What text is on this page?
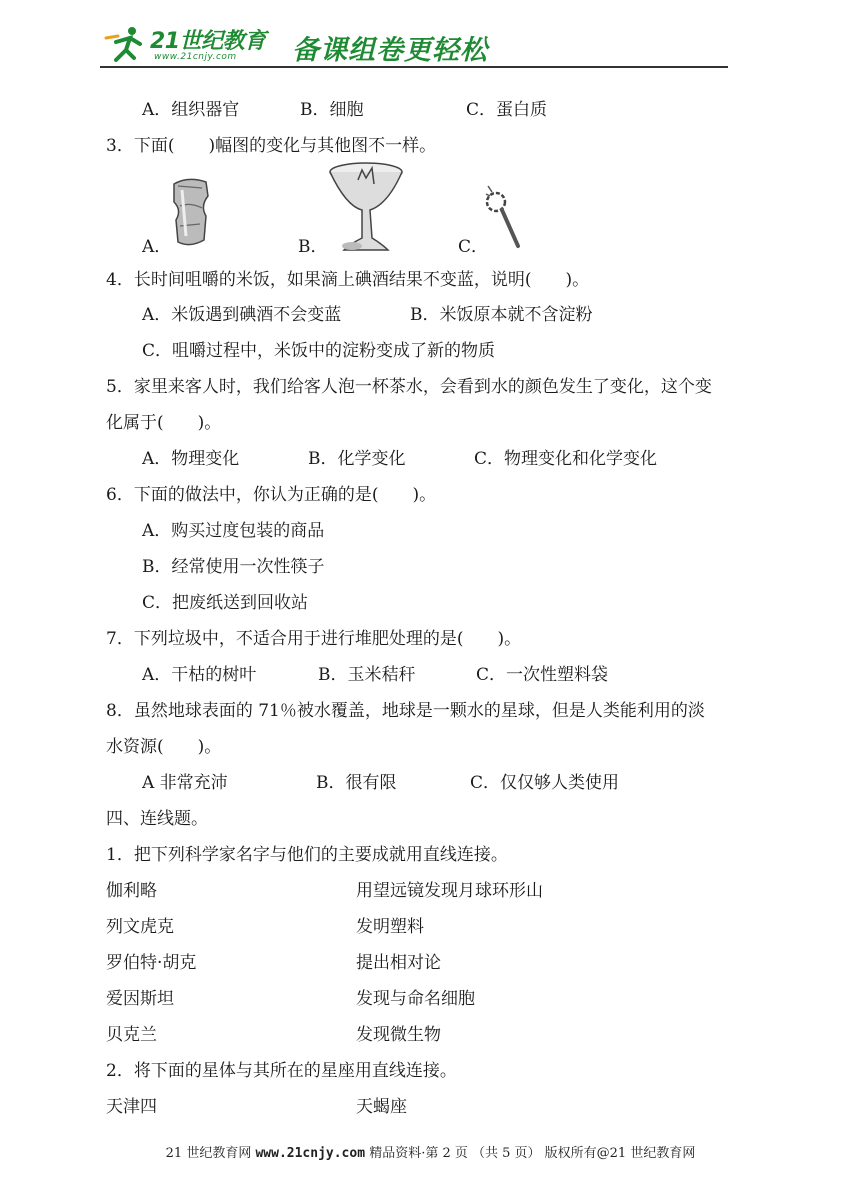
21世纪教育
www.21cnjy.com 备课组卷更轻松
A．组织器官	B．细胞	C．蛋白质
3．下面(　　)幅图的变化与其他图不一样。
A．	B．	C．
4．长时间咀嚼的米饭，如果滴上碘酒结果不变蓝，说明(　　)。
A．米饭遇到碘酒不会变蓝	B．米饭原本就不含淀粉
C．咀嚼过程中，米饭中的淀粉变成了新的物质
5．家里来客人时，我们给客人泡一杯茶水，会看到水的颜色发生了变化，这个变
化属于(　　)。
A．物理变化	B．化学变化	C．物理变化和化学变化
6．下面的做法中，你认为正确的是(　　)。
A．购买过度包装的商品
B．经常使用一次性筷子
C．把废纸送到回收站
7．下列垃圾中，不适合用于进行堆肥处理的是(　　)。
A．干枯的树叶	B．玉米秸秆	C．一次性塑料袋
8．虽然地球表面的 71％被水覆盖，地球是一颗水的星球，但是人类能利用的淡
水资源(　　)。
A 非常充沛	B．很有限	C．仅仅够人类使用
四、连线题。
1．把下列科学家名字与他们的主要成就用直线连接。
伽利略	用望远镜发现月球环形山
列文虎克	发明塑料
罗伯特·胡克	提出相对论
爱因斯坦	发现与命名细胞
贝克兰	发现微生物
2．将下面的星体与其所在的星座用直线连接。
天津四	天蝎座
21 世纪教育网 www.21cnjy.com 精品资料·第 2 页 （共 5 页） 版权所有@21 世纪教育网
